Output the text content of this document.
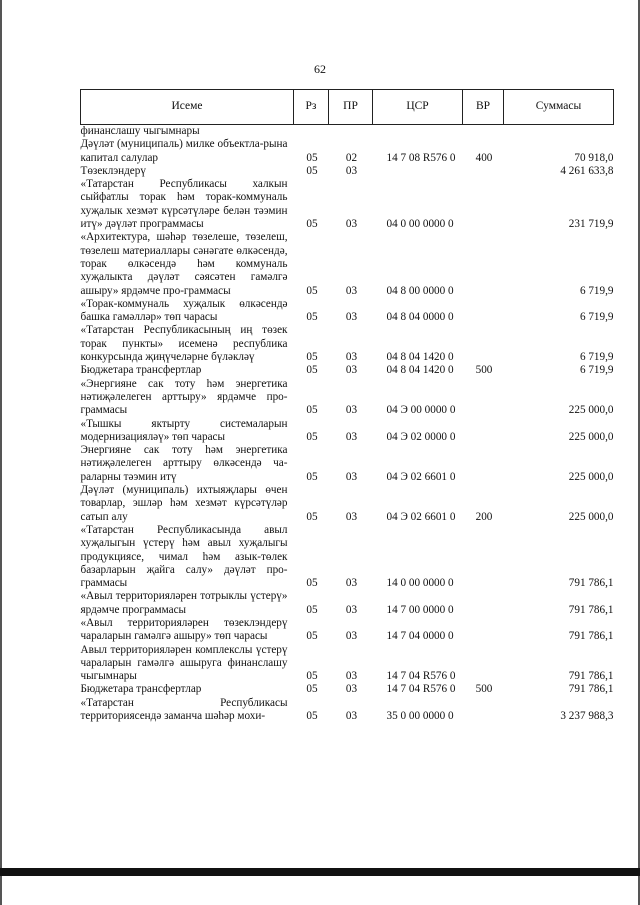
62
Исеме	Рз	ПР	ЦСР	ВР	Суммасы
финанслашу чыгымнары					
Дәүләт (муниципаль) милке объектла-рына капитал салулар	05	02	14 7 08 R576 0	400	70 918,0
Төзеклэндерү	05	03			4 261 633,8
«Татарстан Республикасы халкын сыйфатлы торак һәм торак-коммуналь хуҗалык хезмәт күрсәтүләре белән тәэмин итү» дәүләт программасы	05	03	04 0 00 0000 0		231 719,9
«Архитектура, шәһәр төзелеше, төзелеш, төзелеш материаллары сәнәгате өлкәсендә, торак өлкәсендә һәм коммуналь хуҗалыкта дәүләт сәясәтен гамәлгә ашыру» ярдәмче про-граммасы	05	03	04 8 00 0000 0		6 719,9
«Торак-коммуналь хуҗалык өлкәсендә башка гамәлләр» төп чарасы	05	03	04 8 04 0000 0		6 719,9
«Татарстан Республикасының иң төзек торак пункты» исеменә республика конкурсында җиңүчеләрне бүләкләү	05	03	04 8 04 1420 0		6 719,9
Бюджетара трансфертлар	05	03	04 8 04 1420 0	500	6 719,9
«Энергияне сак тоту һәм энергетика нәтиҗәлелеген арттыру» ярдәмче про-граммасы	05	03	04 Э 00 0000 0		225 000,0
«Тышкы яктырту системаларын модернизацияләү» төп чарасы	05	03	04 Э 02 0000 0		225 000,0
Энергияне сак тоту һәм энергетика нәтиҗәлелеген арттыру өлкәсендә ча-раларны тәэмин итү	05	03	04 Э 02 6601 0		225 000,0
Дәүләт (муниципаль) ихтыяҗлары өчен товарлар, эшләр һәм хезмәт күрсәтүләр сатып алу	05	03	04 Э 02 6601 0	200	225 000,0
«Татарстан Республикасында авыл хуҗалыгын үстерү һәм авыл хуҗалыгы продукциясе, чимал һәм азык-төлек базарларын җайга салу» дәүләт про-граммасы	05	03	14 0 00 0000 0		791 786,1
«Авыл территорияләрен тотрыклы үстерү» ярдәмче программасы	05	03	14 7 00 0000 0		791 786,1
«Авыл территорияләрен төзеклэндерү чараларын гамәлгә ашыру» төп чарасы	05	03	14 7 04 0000 0		791 786,1
Авыл территорияләрен комплекслы үстерү чараларын гамәлгә ашыруга финанслашу чыгымнары	05	03	14 7 04 R576 0		791 786,1
Бюджетара трансфертлар	05	03	14 7 04 R576 0	500	791 786,1
«Татарстан Республикасы территориясендә заманча шәһәр мохи-	05	03	35 0 00 0000 0		3 237 988,3
